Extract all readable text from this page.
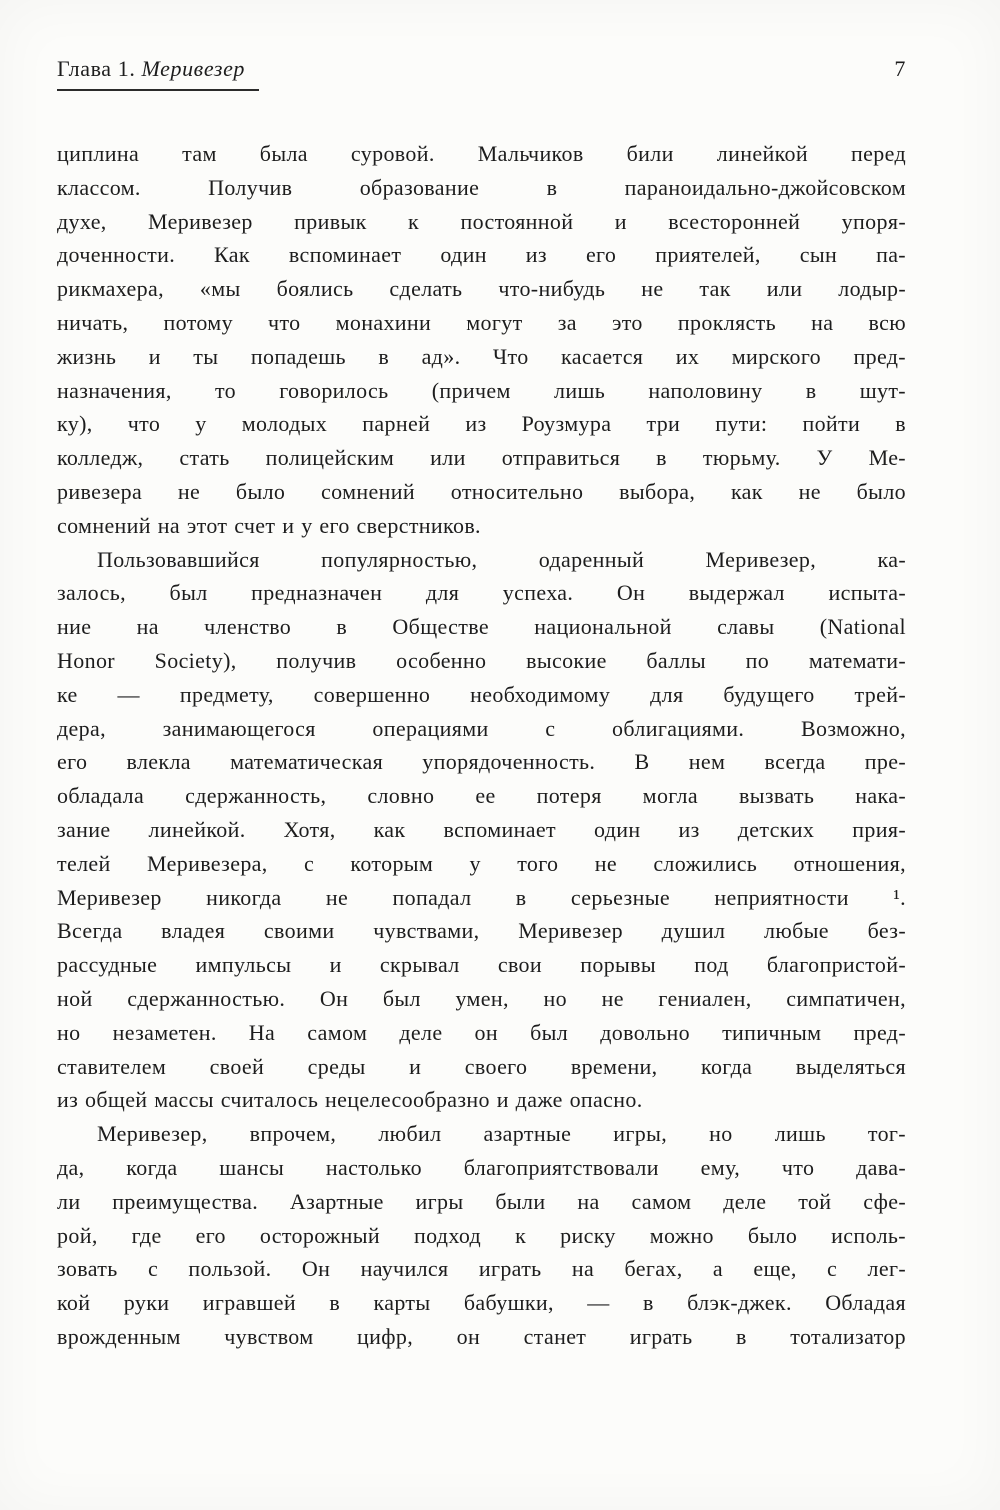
Глава 1. Меривезер	7
циплина там была суровой. Мальчиков били линейкой перед
классом. Получив образование в параноидально-джойсовском
духе, Меривезер привык к постоянной и всесторонней упоря-
доченности. Как вспоминает один из его приятелей, сын па-
рикмахера, «мы боялись сделать что-нибудь не так или лодыр-
ничать, потому что монахини могут за это проклясть на всю
жизнь и ты попадешь в ад». Что касается их мирского пред-
назначения, то говорилось (причем лишь наполовину в шут-
ку), что у молодых парней из Роузмура три пути: пойти в
колледж, стать полицейским или отправиться в тюрьму. У Ме-
ривезера не было сомнений относительно выбора, как не было
сомнений на этот счет и у его сверстников.
Пользовавшийся популярностью, одаренный Меривезер, ка-
залось, был предназначен для успеха. Он выдержал испыта-
ние на членство в Обществе национальной славы (National
Honor Society), получив особенно высокие баллы по математи-
ке — предмету, совершенно необходимому для будущего трей-
дера, занимающегося операциями с облигациями. Возможно,
его влекла математическая упорядоченность. В нем всегда пре-
обладала сдержанность, словно ее потеря могла вызвать нака-
зание линейкой. Хотя, как вспоминает один из детских прия-
телей Меривезера, с которым у того не сложились отношения,
Меривезер никогда не попадал в серьезные неприятности ¹.
Всегда владея своими чувствами, Меривезер душил любые без-
рассудные импульсы и скрывал свои порывы под благопристой-
ной сдержанностью. Он был умен, но не гениален, симпатичен,
но незаметен. На самом деле он был довольно типичным пред-
ставителем своей среды и своего времени, когда выделяться
из общей массы считалось нецелесообразно и даже опасно.
Меривезер, впрочем, любил азартные игры, но лишь тог-
да, когда шансы настолько благоприятствовали ему, что дава-
ли преимущества. Азартные игры были на самом деле той сфе-
рой, где его осторожный подход к риску можно было исполь-
зовать с пользой. Он научился играть на бегах, а еще, с лег-
кой руки игравшей в карты бабушки, — в блэк-джек. Обладая
врожденным чувством цифр, он станет играть в тотализатор
